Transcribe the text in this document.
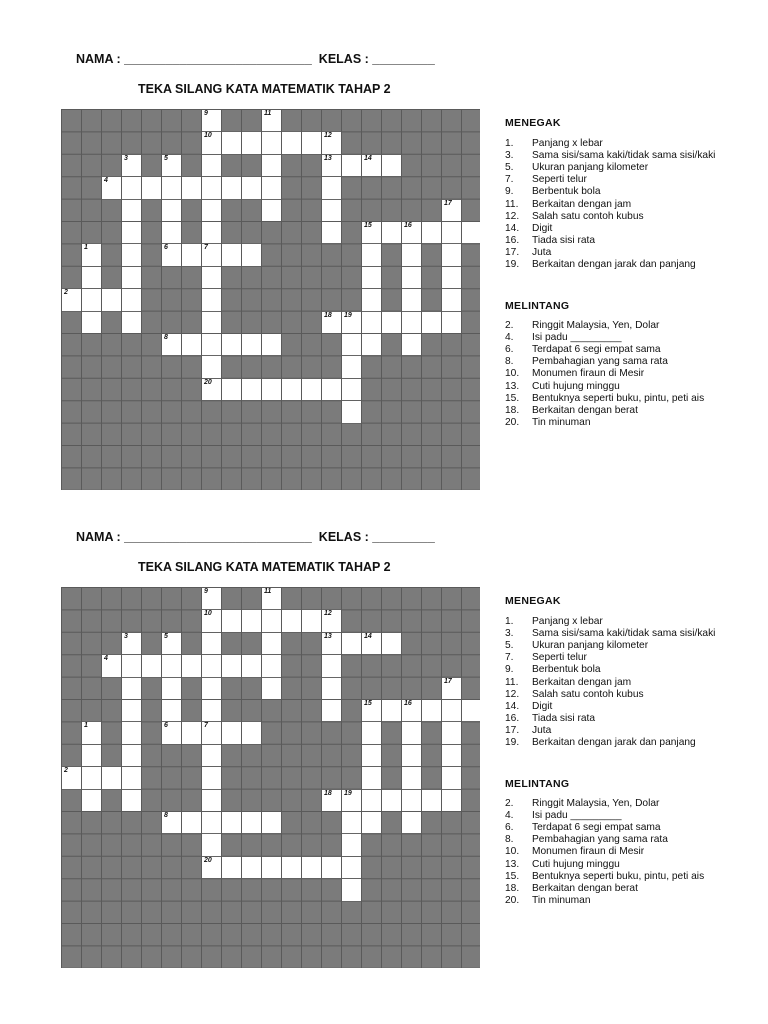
NAMA : ___________________________  KELAS : _________
TEKA SILANG KATA MATEMATIK TAHAP 2
9
10
7
20
11
12
13
3	5
6
14
4
17
1
15	16
2
18 19
8
MENEGAK
1.	Panjang x lebar
3.	Sama sisi/sama kaki/tidak sama sisi/kaki
5.	Ukuran panjang kilometer
7.	Seperti telur
9.	Berbentuk bola
11.	Berkaitan dengan jam
12.	Salah satu contoh kubus
14.	Digit
16.	Tiada sisi rata
17.	Juta
19.	Berkaitan dengan jarak dan panjang
MELINTANG
2.	Ringgit Malaysia, Yen, Dolar
4.	Isi padu _________
6.	Terdapat 6 segi empat sama
8.	Pembahagian yang sama rata
10.	Monumen firaun di Mesir
13.	Cuti hujung minggu
15.	Bentuknya seperti buku, pintu, peti ais
18.	Berkaitan dengan berat
20.	Tin minuman
NAMA : ___________________________  KELAS : _________
TEKA SILANG KATA MATEMATIK TAHAP 2
9
10
7
20
11
12
13
3	5
6
14
4
17
1
15	16
2
18 19
8
MENEGAK
1.	Panjang x lebar
3.	Sama sisi/sama kaki/tidak sama sisi/kaki
5.	Ukuran panjang kilometer
7.	Seperti telur
9.	Berbentuk bola
11.	Berkaitan dengan jam
12.	Salah satu contoh kubus
14.	Digit
16.	Tiada sisi rata
17.	Juta
19.	Berkaitan dengan jarak dan panjang
MELINTANG
2.	Ringgit Malaysia, Yen, Dolar
4.	Isi padu _________
6.	Terdapat 6 segi empat sama
8.	Pembahagian yang sama rata
10.	Monumen firaun di Mesir
13.	Cuti hujung minggu
15.	Bentuknya seperti buku, pintu, peti ais
18.	Berkaitan dengan berat
20.	Tin minuman
